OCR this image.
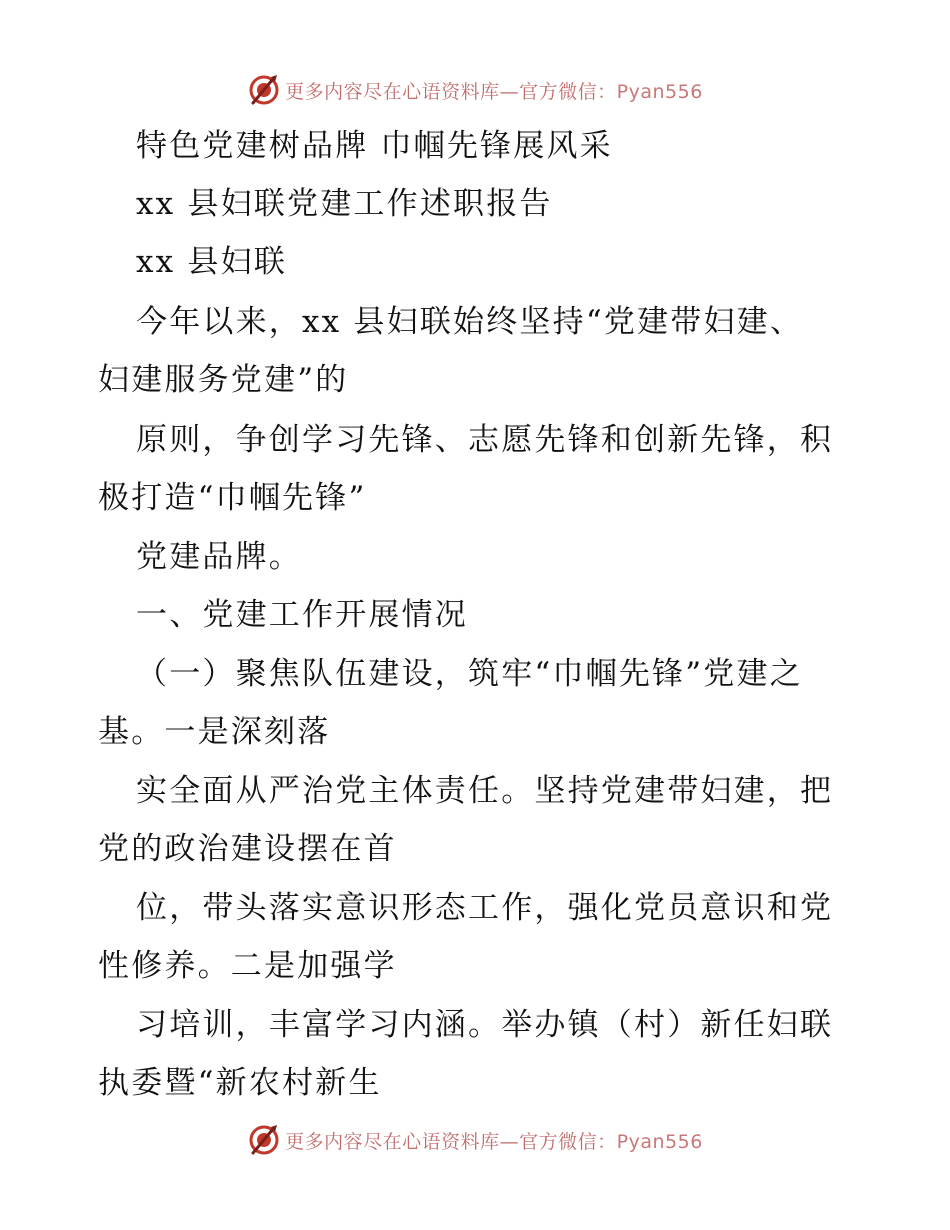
更多内容尽在心语资料库—官方微信：Pyan556
特色党建树品牌 巾帼先锋展风采
xx 县妇联党建工作述职报告
xx 县妇联
今年以来，xx 县妇联始终坚持“党建带妇建、
妇建服务党建”的
原则，争创学习先锋、志愿先锋和创新先锋，积
极打造“巾帼先锋”
党建品牌。
一、党建工作开展情况
（一）聚焦队伍建设，筑牢“巾帼先锋”党建之
基。一是深刻落
实全面从严治党主体责任。坚持党建带妇建，把
党的政治建设摆在首
位，带头落实意识形态工作，强化党员意识和党
性修养。二是加强学
习培训，丰富学习内涵。举办镇（村）新任妇联
执委暨“新农村新生
更多内容尽在心语资料库—官方微信：Pyan556
